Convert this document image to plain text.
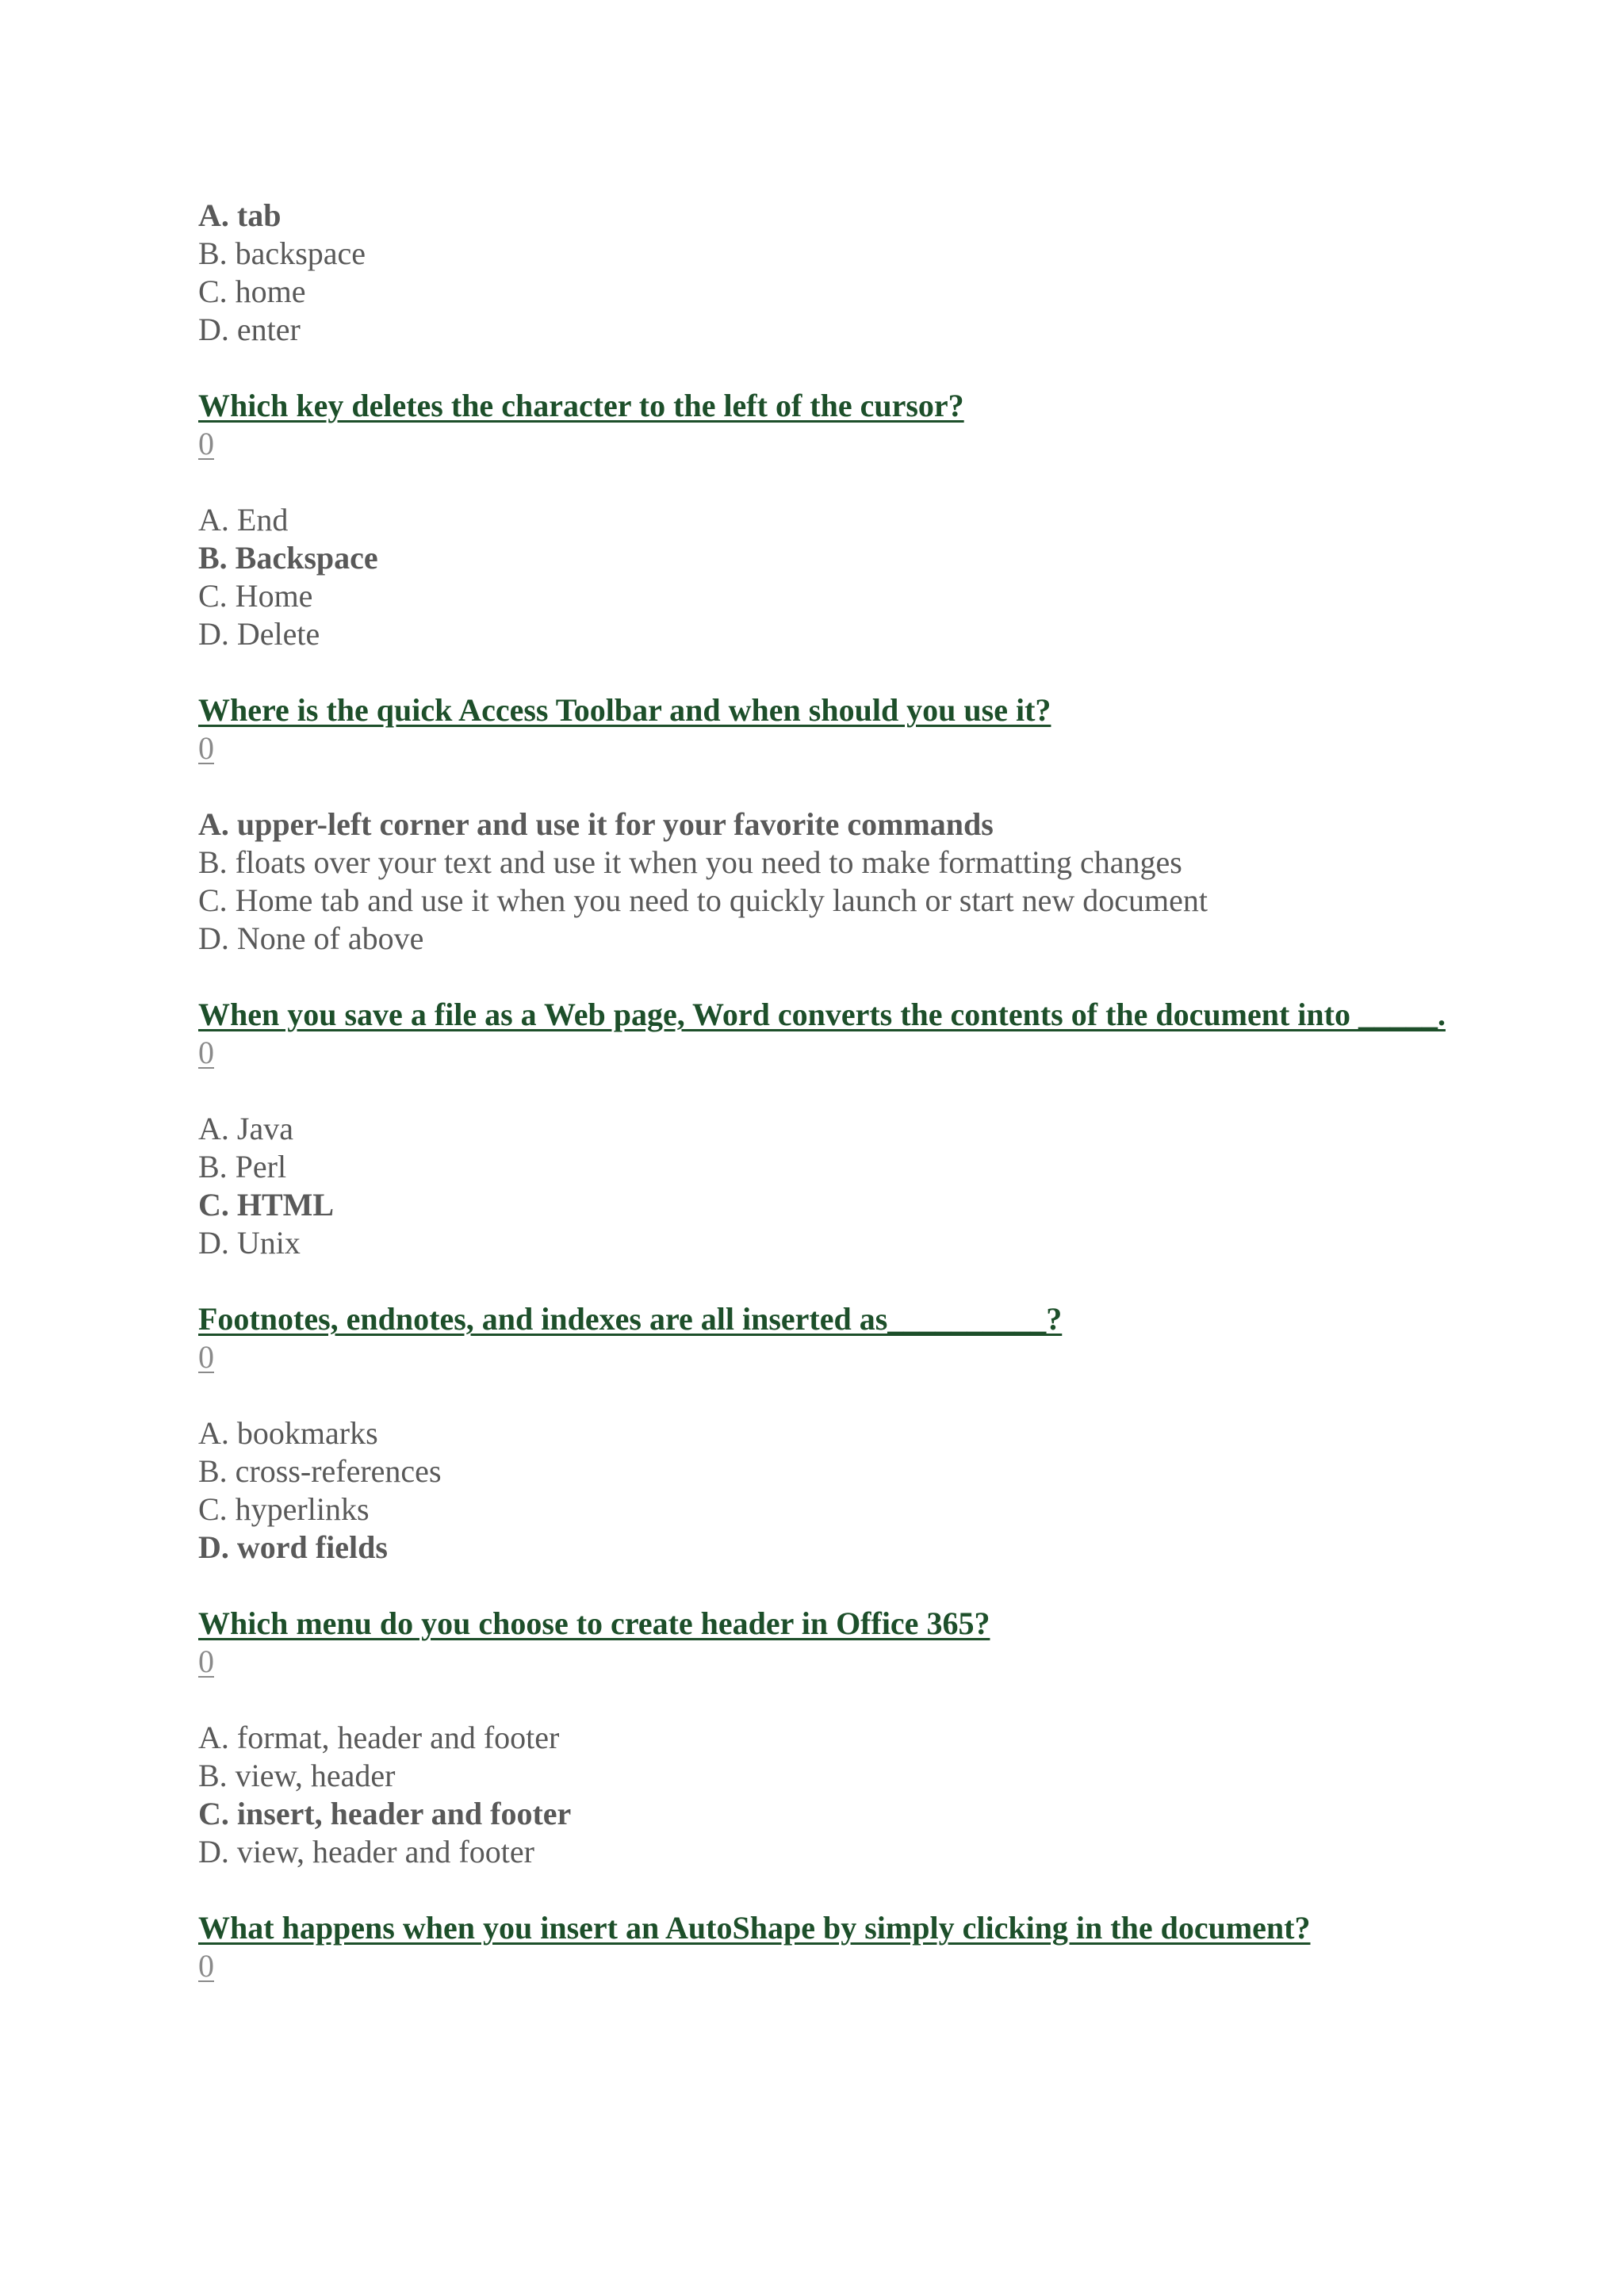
A. tab

B. backspace

C. home

D. enter

Which key deletes the character to the left of the cursor?

0

A. End

B. Backspace

C. Home

D. Delete

Where is the quick Access Toolbar and when should you use it?

0

A. upper-left corner and use it for your favorite commands

B. floats over your text and use it when you need to make formatting changes

C. Home tab and use it when you need to quickly launch or start new document

D. None of above

When you save a file as a Web page, Word converts the contents of the document into _____.

0

A. Java

B. Perl

C. HTML

D. Unix

Footnotes, endnotes, and indexes are all inserted as__________?

0

A. bookmarks

B. cross-references

C. hyperlinks

D. word fields

Which menu do you choose to create header in Office 365?

0

A. format, header and footer

B. view, header

C. insert, header and footer

D. view, header and footer

What happens when you insert an AutoShape by simply clicking in the document?

0
